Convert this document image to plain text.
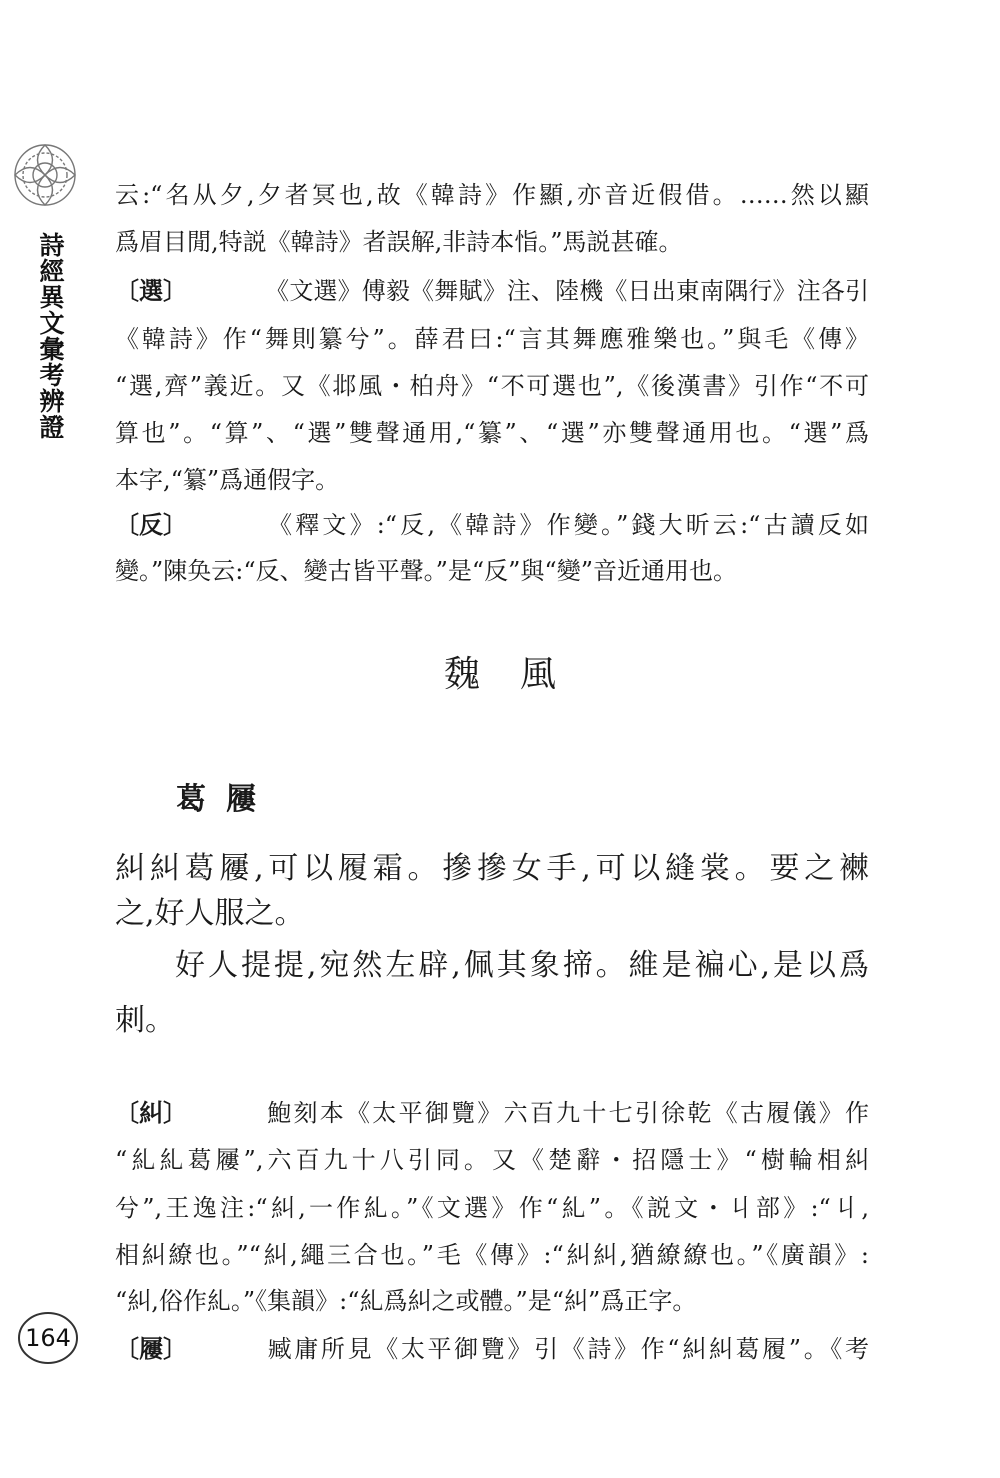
詩經異文彙考辨證
云:“名从夕,夕者冥也,故《韓詩》作顯,亦音近假借。……然以顯
爲眉目閒,特説《韓詩》者誤解,非詩本恉。”馬説甚確。
〔選〕	《文選》傅毅《舞賦》注、陸機《日出東南隅行》注各引
《韓詩》作“舞則纂兮”。薛君曰:“言其舞應雅樂也。”與毛《傳》
“選,齊”義近。又《邶風・柏舟》“不可選也”,《後漢書》引作“不可
算也”。“算”、“選”雙聲通用,“纂”、“選”亦雙聲通用也。“選”爲
本字,“纂”爲通假字。
〔反〕	《釋文》:“反,《韓詩》作變。”錢大昕云:“古讀反如
變。”陳奂云:“反、變古皆平聲。”是“反”與“變”音近通用也。
魏風
葛屨
糾糾葛屨,可以履霜。摻摻女手,可以縫裳。要之襋
之,好人服之。
好人提提,宛然左辟,佩其象揥。維是褊心,是以爲
刺。
〔糾〕	鮑刻本《太平御覽》六百九十七引徐乾《古履儀》作
“糺糺葛屨”,六百九十八引同。又《楚辭・招隱士》“樹輪相糾
兮”,王逸注:“糾,一作糺。”《文選》作“糺”。《説文・丩部》:“丩,
相糾繚也。”“糾,繩三合也。”毛《傳》:“糾糾,猶繚繚也。”《廣韻》:
“糾,俗作糺。”《集韻》:“糺爲糾之或體。”是“糾”爲正字。
〔屨〕	臧庸所見《太平御覽》引《詩》作“糾糾葛履”。《考
164
